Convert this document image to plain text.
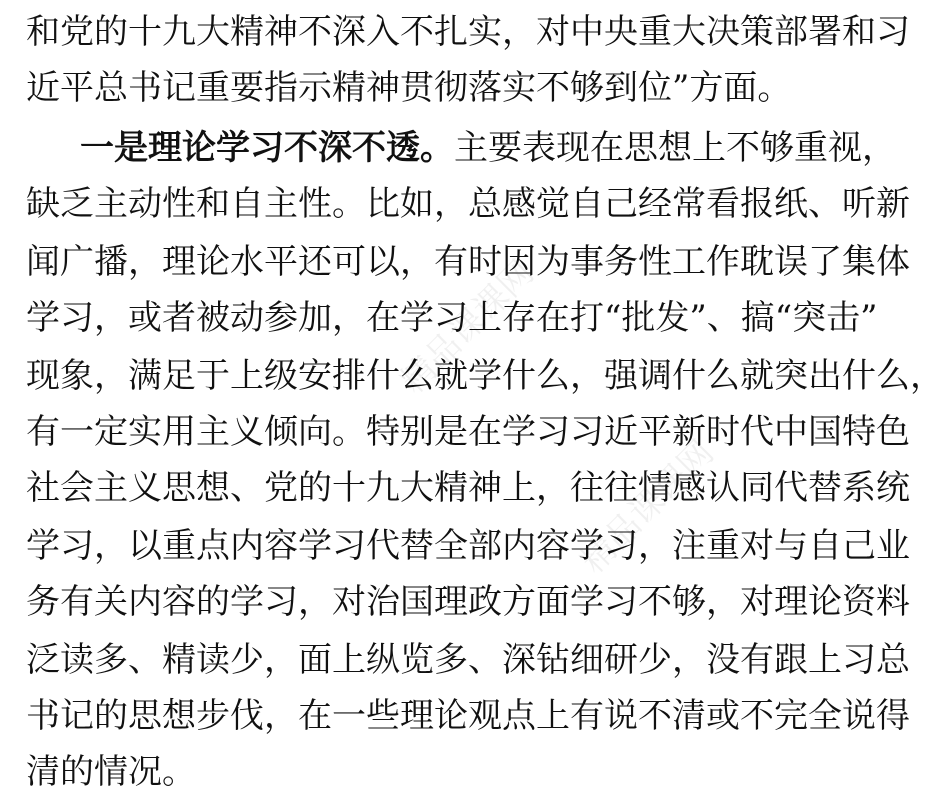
和党的十九大精神不深入不扎实，对中央重大决策部署和习
近平总书记重要指示精神贯彻落实不够到位”方面。
一是理论学习不深不透。主要表现在思想上不够重视，
缺乏主动性和自主性。比如，总感觉自己经常看报纸、听新
闻广播，理论水平还可以，有时因为事务性工作耽误了集体
学习，或者被动参加，在学习上存在打“批发”、搞“突击”
现象，满足于上级安排什么就学什么，强调什么就突出什么，
有一定实用主义倾向。特别是在学习习近平新时代中国特色
社会主义思想、党的十九大精神上，往往情感认同代替系统
学习，以重点内容学习代替全部内容学习，注重对与自己业
务有关内容的学习，对治国理政方面学习不够，对理论资料
泛读多、精读少，面上纵览多、深钻细研少，没有跟上习总
书记的思想步伐，在一些理论观点上有说不清或不完全说得
清的情况。
精品课课网
精品课课网
